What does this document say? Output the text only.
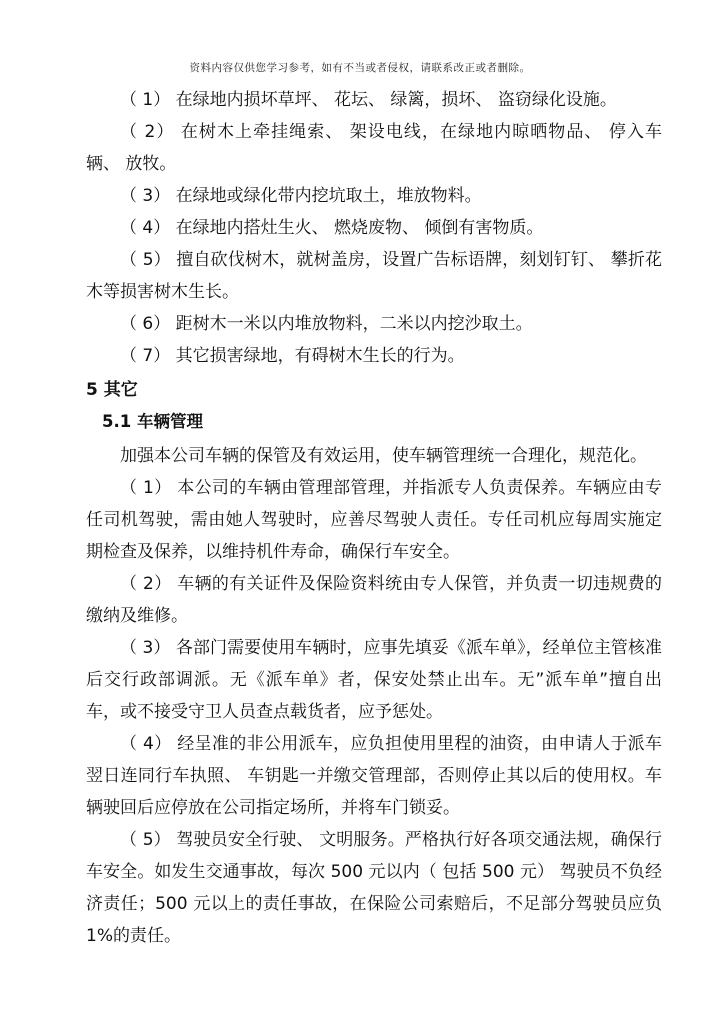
资料内容仅供您学习参考，如有不当或者侵权，请联系改正或者删除。

（ 1） 在绿地内损坏草坪、 花坛、 绿篱，损坏、 盗窃绿化设施。

（ 2） 在树木上牵挂绳索、 架设电线，在绿地内晾晒物品、 停入车辆、 放牧。

（ 3） 在绿地或绿化带内挖坑取土，堆放物料。

（ 4） 在绿地内搭灶生火、 燃烧废物、 倾倒有害物质。

（ 5） 擅自砍伐树木，就树盖房，设置广告标语牌，刻划钉钉、 攀折花木等损害树木生长。

（ 6） 距树木一米以内堆放物料，二米以内挖沙取土。

（ 7） 其它损害绿地，有碍树木生长的行为。

5 其它
5.1 车辆管理

加强本公司车辆的保管及有效运用，使车辆管理统一合理化，规范化。

（ 1） 本公司的车辆由管理部管理，并指派专人负责保养。车辆应由专任司机驾驶，需由她人驾驶时，应善尽驾驶人责任。专任司机应每周实施定期检查及保养，以维持机件寿命，确保行车安全。

（ 2） 车辆的有关证件及保险资料统由专人保管，并负责一切违规费的缴纳及维修。

（ 3） 各部门需要使用车辆时，应事先填妥《派车单》，经单位主管核准后交行政部调派。无《派车单》者，保安处禁止出车。无”派车单”擅自出车，或不接受守卫人员查点载货者，应予惩处。

（ 4） 经呈准的非公用派车，应负担使用里程的油资，由申请人于派车翌日连同行车执照、 车钥匙一并缴交管理部，否则停止其以后的使用权。车辆驶回后应停放在公司指定场所，并将车门锁妥。

（ 5） 驾驶员安全行驶、 文明服务。严格执行好各项交通法规，确保行车安全。如发生交通事故，每次 500 元以内（ 包括 500 元） 驾驶员不负经济责任；500 元以上的责任事故，在保险公司索赔后，不足部分驾驶员应负 1%的责任。
